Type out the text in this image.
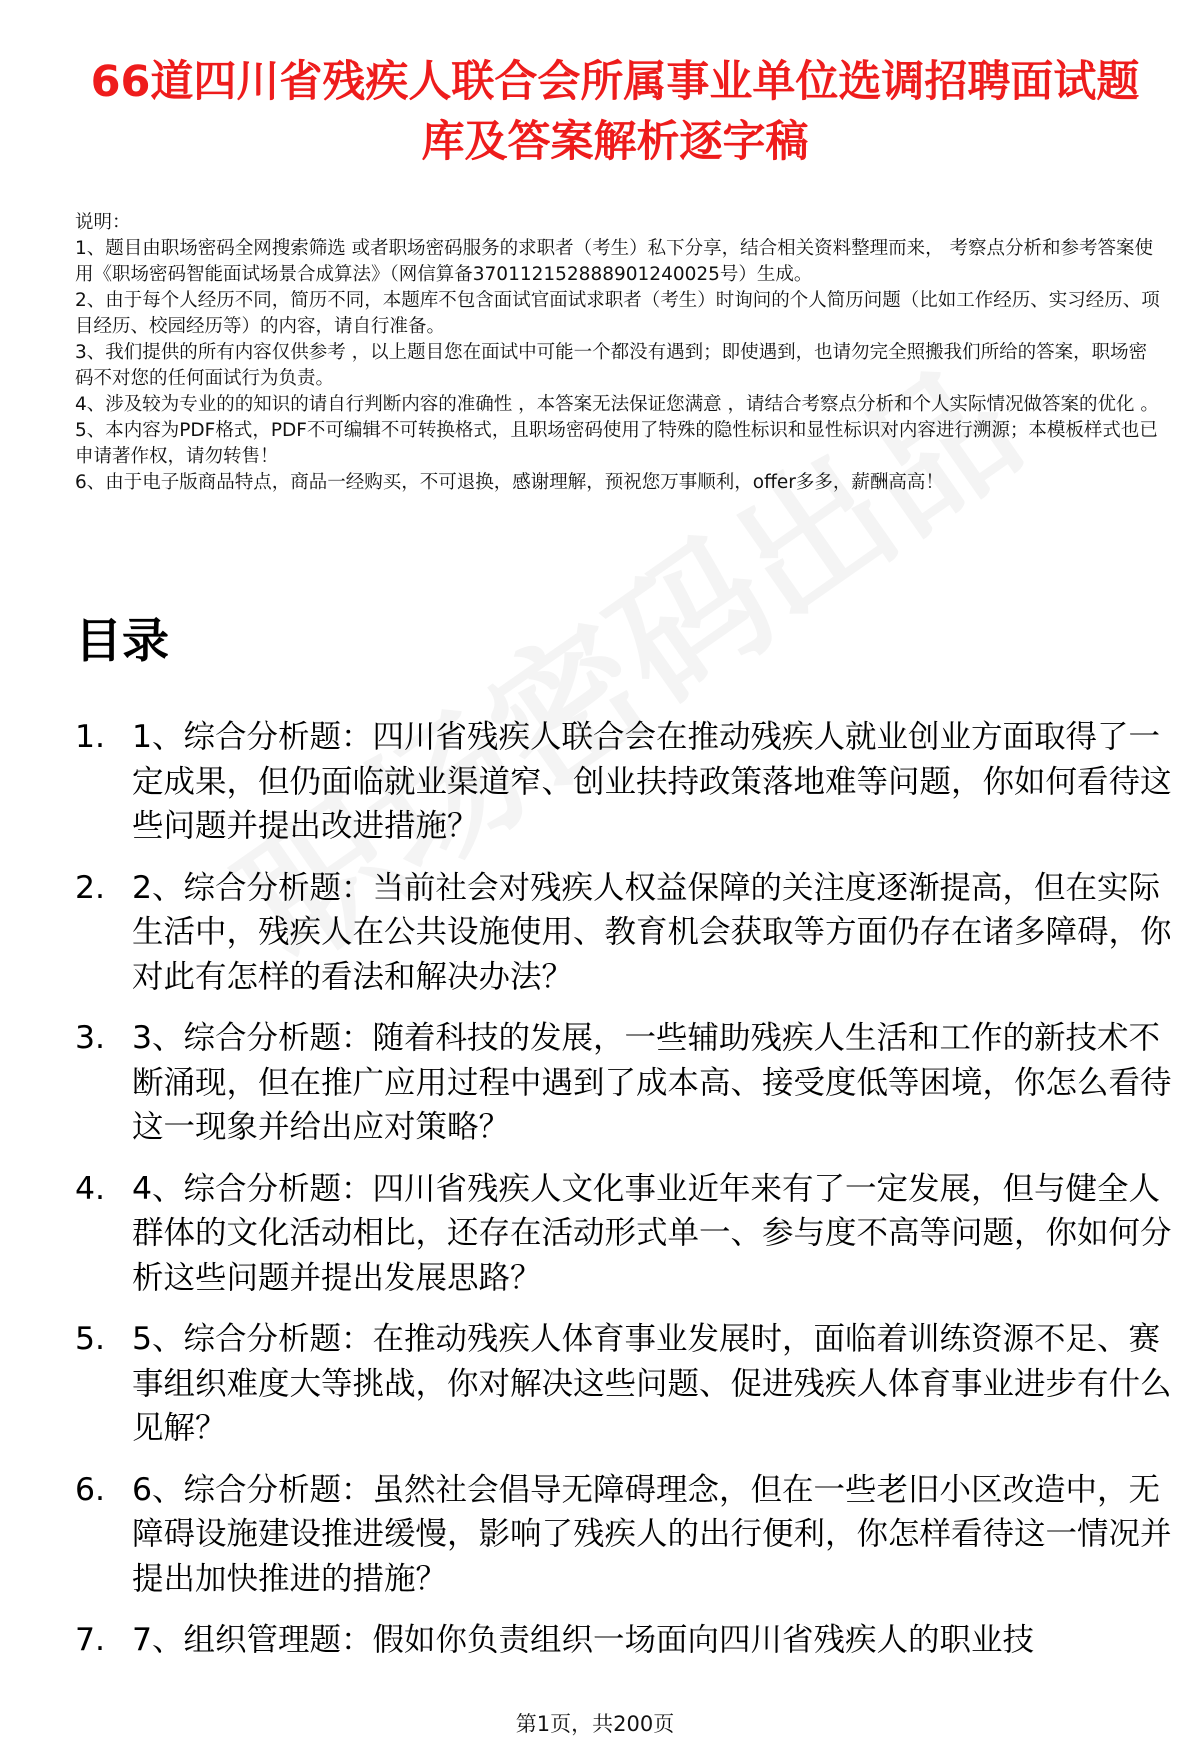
66道四川省残疾人联合会所属事业单位选调招聘面试题库及答案解析逐字稿

说明：

1、题目由职场密码全网搜索筛选 或者职场密码服务的求职者（考生）私下分享，结合相关资料整理而来， 考察点分析和参考答案使用《职场密码智能面试场景合成算法》（网信算备370112152888901240025号）生成。

2、由于每个人经历不同，简历不同，本题库不包含面试官面试求职者（考生）时询问的个人简历问题（比如工作经历、实习经历、项目经历、校园经历等）的内容，请自行准备。

3、我们提供的所有内容仅供参考 ，以上题目您在面试中可能一个都没有遇到；即使遇到，也请勿完全照搬我们所给的答案，职场密码不对您的任何面试行为负责。

4、涉及较为专业的的知识的请自行判断内容的准确性 ，本答案无法保证您满意 ，请结合考察点分析和个人实际情况做答案的优化 。

5、本内容为PDF格式，PDF不可编辑不可转换格式，且职场密码使用了特殊的隐性标识和显性标识对内容进行溯源；本模板样式也已申请著作权，请勿转售！

6、由于电子版商品特点，商品一经购买，不可退换，感谢理解，预祝您万事顺利，offer多多，薪酬高高！

目录
1. 1、综合分析题：四川省残疾人联合会在推动残疾人就业创业方面取得了一定成果，但仍面临就业渠道窄、创业扶持政策落地难等问题，你如何看待这些问题并提出改进措施？
2. 2、综合分析题：当前社会对残疾人权益保障的关注度逐渐提高，但在实际生活中，残疾人在公共设施使用、教育机会获取等方面仍存在诸多障碍，你对此有怎样的看法和解决办法？
3. 3、综合分析题：随着科技的发展，一些辅助残疾人生活和工作的新技术不断涌现，但在推广应用过程中遇到了成本高、接受度低等困境，你怎么看待这一现象并给出应对策略？
4. 4、综合分析题：四川省残疾人文化事业近年来有了一定发展，但与健全人群体的文化活动相比，还存在活动形式单一、参与度不高等问题，你如何分析这些问题并提出发展思路？
5. 5、综合分析题：在推动残疾人体育事业发展时，面临着训练资源不足、赛事组织难度大等挑战，你对解决这些问题、促进残疾人体育事业进步有什么见解？
6. 6、综合分析题：虽然社会倡导无障碍理念，但在一些老旧小区改造中，无障碍设施建设推进缓慢，影响了残疾人的出行便利，你怎样看待这一情况并提出加快推进的措施？
7. 7、组织管理题：假如你负责组织一场面向四川省残疾人的职业技
第1页，共200页
